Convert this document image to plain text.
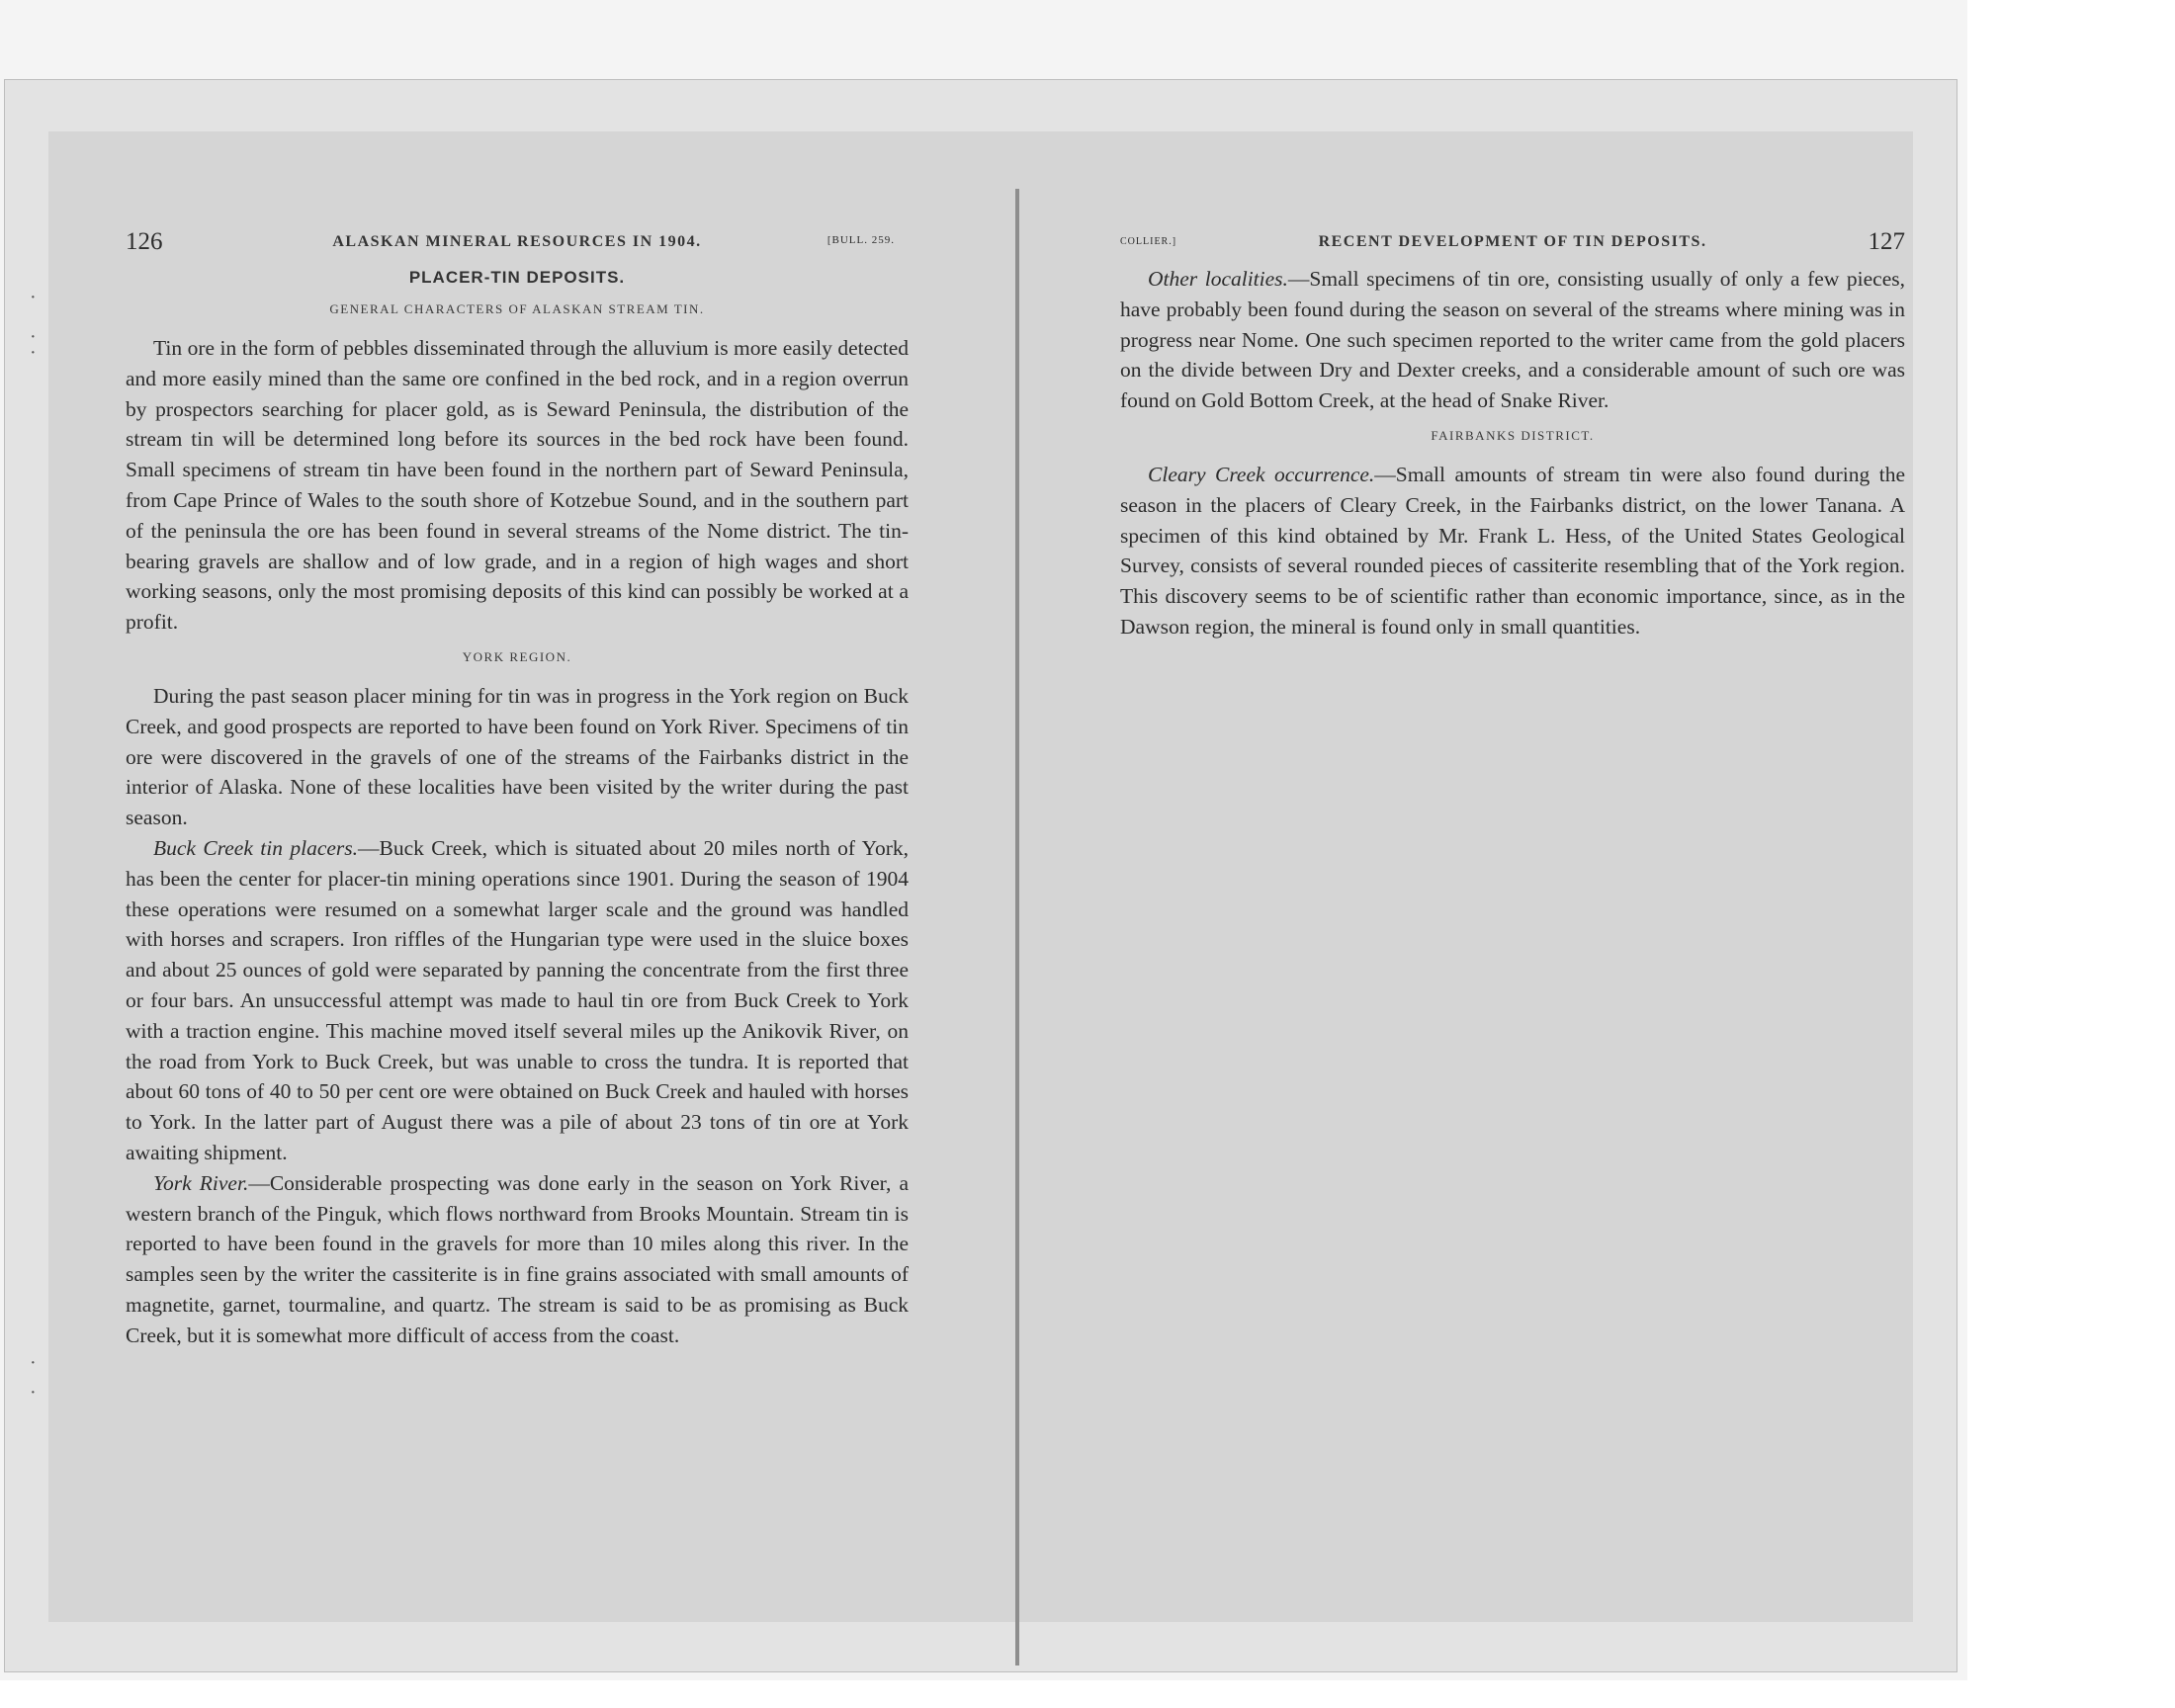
126	ALASKAN MINERAL RESOURCES IN 1904.	[BULL. 259.
PLACER-TIN DEPOSITS.
GENERAL CHARACTERS OF ALASKAN STREAM TIN.

Tin ore in the form of pebbles disseminated through the alluvium is more easily detected and more easily mined than the same ore confined in the bed rock, and in a region overrun by prospectors searching for placer gold, as is Seward Peninsula, the distribution of the stream tin will be determined long before its sources in the bed rock have been found. Small specimens of stream tin have been found in the northern part of Seward Peninsula, from Cape Prince of Wales to the south shore of Kotzebue Sound, and in the southern part of the peninsula the ore has been found in several streams of the Nome district. The tin-bearing gravels are shallow and of low grade, and in a region of high wages and short working seasons, only the most promising deposits of this kind can possibly be worked at a profit.

YORK REGION.

During the past season placer mining for tin was in progress in the York region on Buck Creek, and good prospects are reported to have been found on York River. Specimens of tin ore were discovered in the gravels of one of the streams of the Fairbanks district in the interior of Alaska. None of these localities have been visited by the writer during the past season.

Buck Creek tin placers.—Buck Creek, which is situated about 20 miles north of York, has been the center for placer-tin mining operations since 1901. During the season of 1904 these operations were resumed on a somewhat larger scale and the ground was handled with horses and scrapers. Iron riffles of the Hungarian type were used in the sluice boxes and about 25 ounces of gold were separated by panning the concentrate from the first three or four bars. An unsuccessful attempt was made to haul tin ore from Buck Creek to York with a traction engine. This machine moved itself several miles up the Anikovik River, on the road from York to Buck Creek, but was unable to cross the tundra. It is reported that about 60 tons of 40 to 50 per cent ore were obtained on Buck Creek and hauled with horses to York. In the latter part of August there was a pile of about 23 tons of tin ore at York awaiting shipment.

York River.—Considerable prospecting was done early in the season on York River, a western branch of the Pinguk, which flows northward from Brooks Mountain. Stream tin is reported to have been found in the gravels for more than 10 miles along this river. In the samples seen by the writer the cassiterite is in fine grains associated with small amounts of magnetite, garnet, tourmaline, and quartz. The stream is said to be as promising as Buck Creek, but it is somewhat more difficult of access from the coast.

COLLIER.]	RECENT DEVELOPMENT OF TIN DEPOSITS.	127

Other localities.—Small specimens of tin ore, consisting usually of only a few pieces, have probably been found during the season on several of the streams where mining was in progress near Nome. One such specimen reported to the writer came from the gold placers on the divide between Dry and Dexter creeks, and a considerable amount of such ore was found on Gold Bottom Creek, at the head of Snake River.

FAIRBANKS DISTRICT.

Cleary Creek occurrence.—Small amounts of stream tin were also found during the season in the placers of Cleary Creek, in the Fairbanks district, on the lower Tanana. A specimen of this kind obtained by Mr. Frank L. Hess, of the United States Geological Survey, consists of several rounded pieces of cassiterite resembling that of the York region. This discovery seems to be of scientific rather than economic importance, since, as in the Dawson region, the mineral is found only in small quantities.

·
·
·
·
·
